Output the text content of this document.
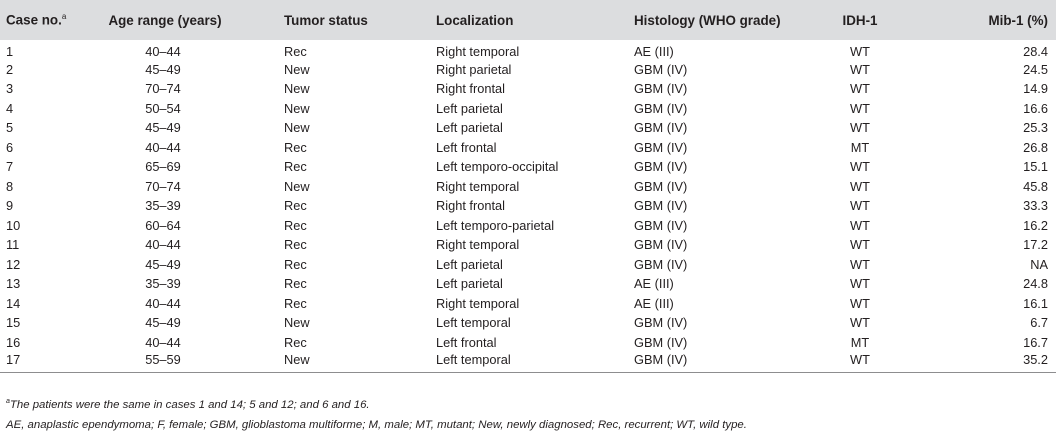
Case no.$^a$	Age range (years)	Tumor status	Localization	Histology (WHO grade)	IDH-1	Mib-1 (%)
1	40–44	Rec	Right temporal	AE (III)	WT	28.4
2	45–49	New	Right parietal	GBM (IV)	WT	24.5
3	70–74	New	Right frontal	GBM (IV)	WT	14.9
4	50–54	New	Left parietal	GBM (IV)	WT	16.6
5	45–49	New	Left parietal	GBM (IV)	WT	25.3
6	40–44	Rec	Left frontal	GBM (IV)	MT	26.8
7	65–69	Rec	Left temporo-occipital	GBM (IV)	WT	15.1
8	70–74	New	Right temporal	GBM (IV)	WT	45.8
9	35–39	Rec	Right frontal	GBM (IV)	WT	33.3
10	60–64	Rec	Left temporo-parietal	GBM (IV)	WT	16.2
11	40–44	Rec	Right temporal	GBM (IV)	WT	17.2
12	45–49	Rec	Left parietal	GBM (IV)	WT	NA
13	35–39	Rec	Left parietal	AE (III)	WT	24.8
14	40–44	Rec	Right temporal	AE (III)	WT	16.1
15	45–49	New	Left temporal	GBM (IV)	WT	6.7
16	40–44	Rec	Left frontal	GBM (IV)	MT	16.7
17	55–59	New	Left temporal	GBM (IV)	WT	35.2
$^a$The patients were the same in cases 1 and 14; 5 and 12; and 6 and 16.
AE, anaplastic ependymoma; F, female; GBM, glioblastoma multiforme; M, male; MT, mutant; New, newly diagnosed; Rec, recurrent; WT, wild type.
